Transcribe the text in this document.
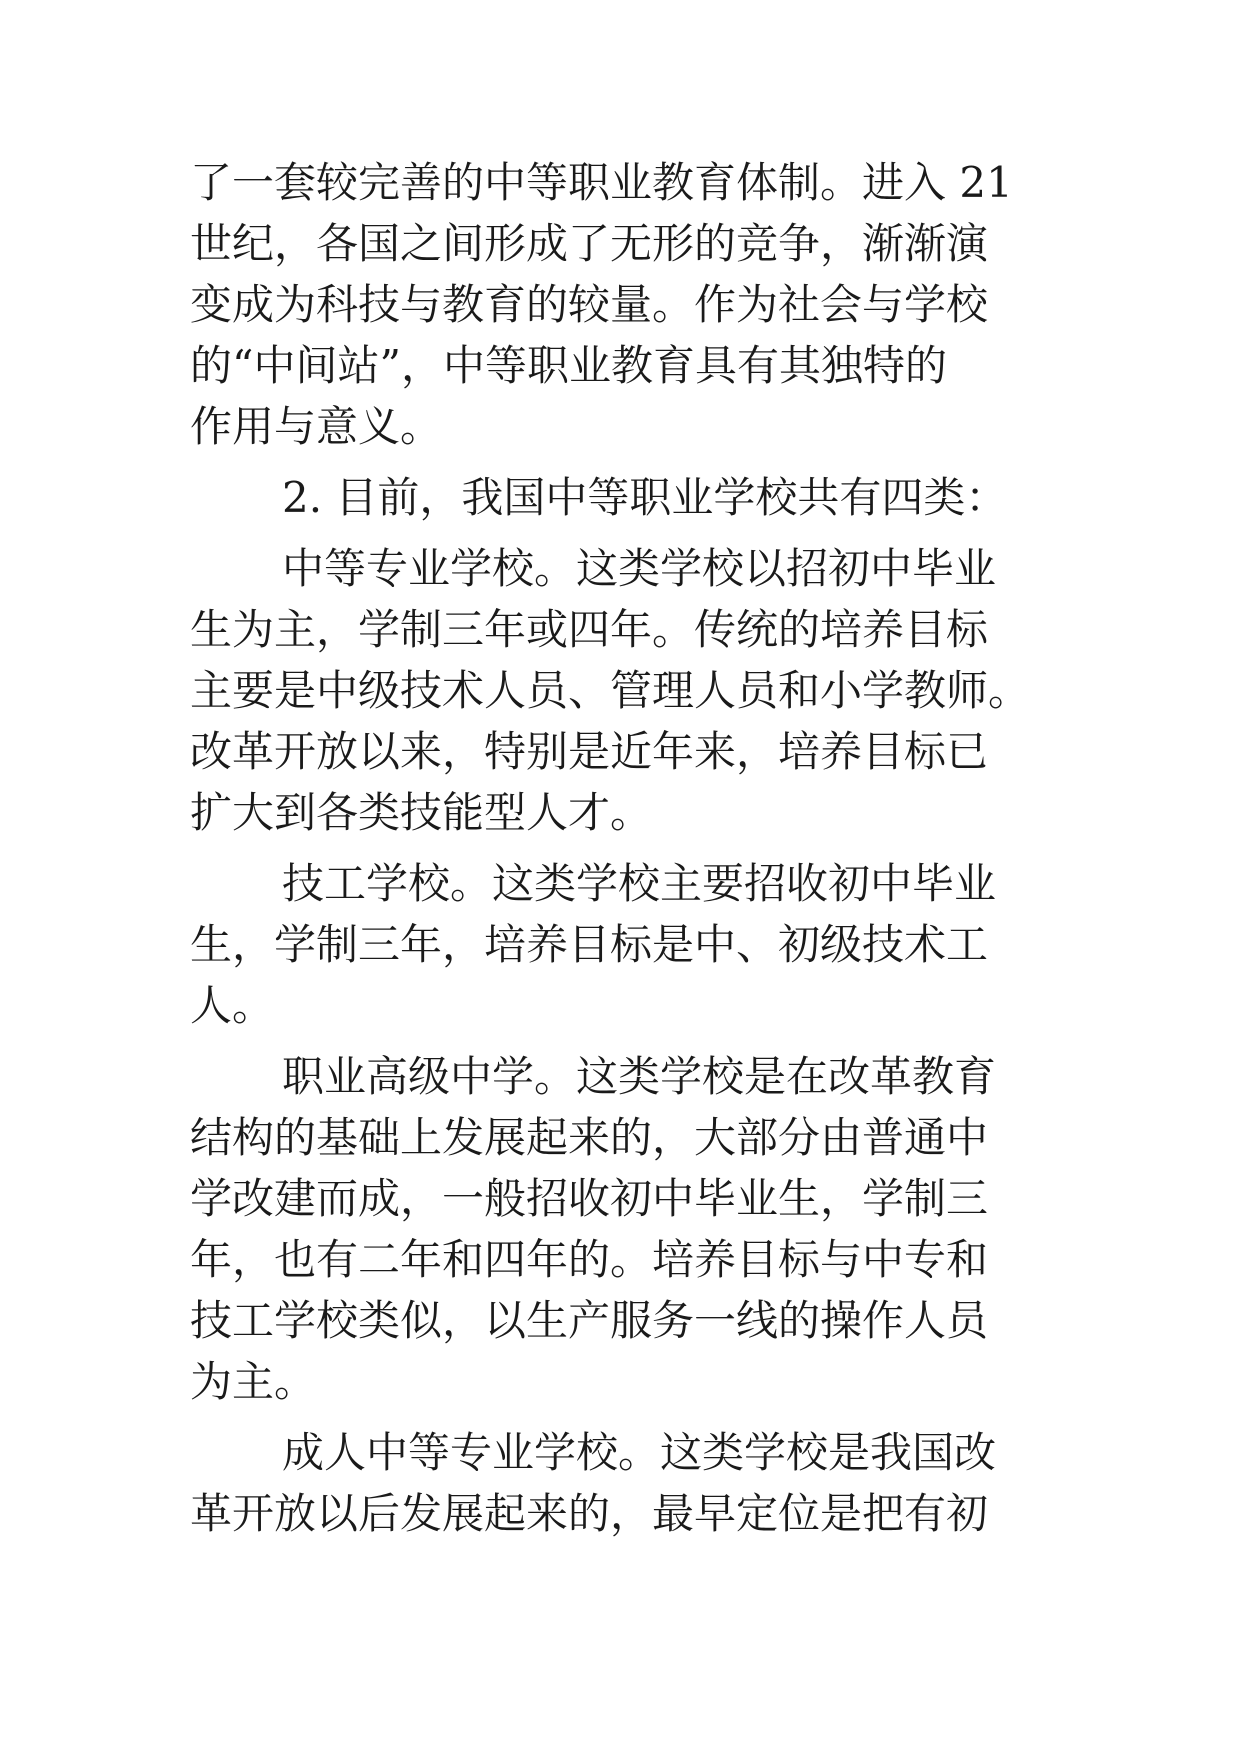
了一套较完善的中等职业教育体制。进入 21
世纪，各国之间形成了无形的竞争，渐渐演
变成为科技与教育的较量。作为社会与学校
的“中间站”，中等职业教育具有其独特的
作用与意义。
2. 目前，我国中等职业学校共有四类：
中等专业学校。这类学校以招初中毕业
生为主，学制三年或四年。传统的培养目标
主要是中级技术人员、管理人员和小学教师。
改革开放以来，特别是近年来，培养目标已
扩大到各类技能型人才。
技工学校。这类学校主要招收初中毕业
生，学制三年，培养目标是中、初级技术工
人。
职业高级中学。这类学校是在改革教育
结构的基础上发展起来的，大部分由普通中
学改建而成，一般招收初中毕业生，学制三
年，也有二年和四年的。培养目标与中专和
技工学校类似，以生产服务一线的操作人员
为主。
成人中等专业学校。这类学校是我国改
革开放以后发展起来的，最早定位是把有初
